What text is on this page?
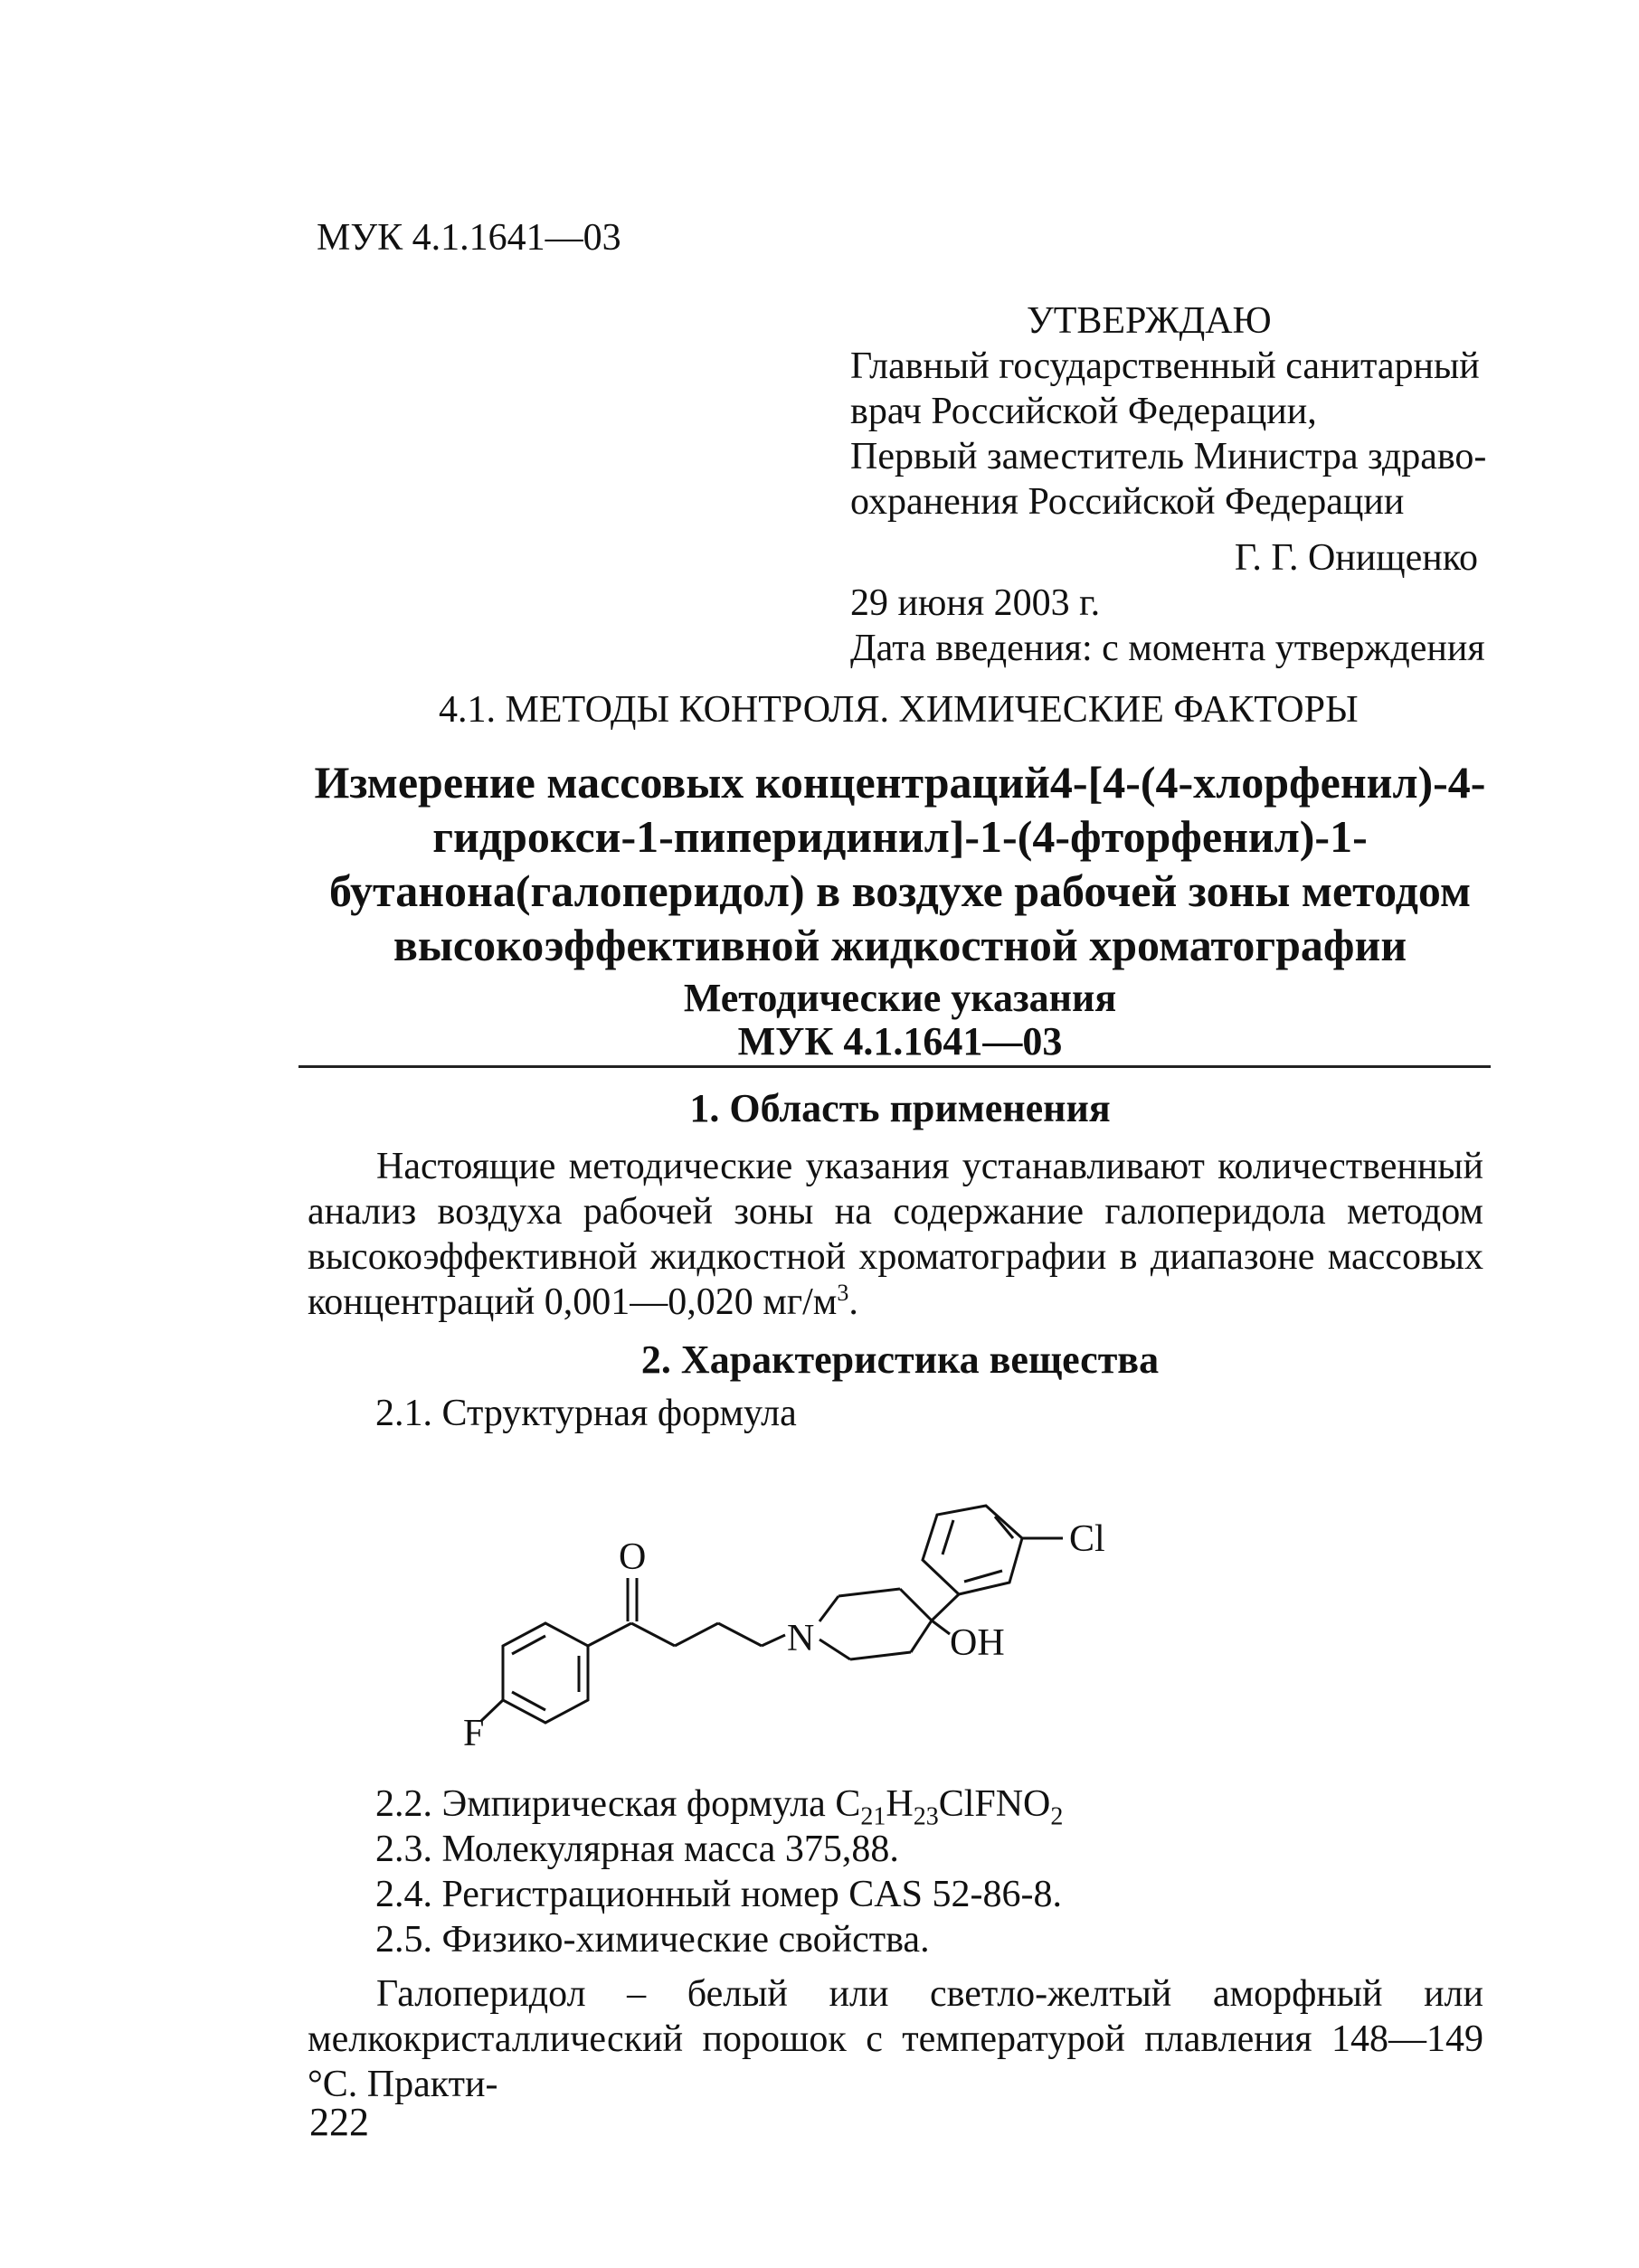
МУК 4.1.1641—03
УТВЕРЖДАЮ
Главный государственный санитарный
врач Российской Федерации,
Первый заместитель Министра здраво-
охранения Российской Федерации
Г. Г. Онищенко
29 июня 2003 г.
Дата введения: с момента утверждения
4.1. МЕТОДЫ КОНТРОЛЯ. ХИМИЧЕСКИЕ ФАКТОРЫ
Измерение массовых концентраций4-[4-(4-хлорфенил)-4-
гидрокси-1-пиперидинил]-1-(4-фторфенил)-1-
бутанона(галоперидол) в воздухе рабочей зоны методом
высокоэффективной жидкостной хроматографии
Методические указания
МУК 4.1.1641—03
1. Область применения
Настоящие методические указания устанавливают количественный анализ воздуха рабочей зоны на содержание галоперидола методом высокоэффективной жидкостной хроматографии в диапазоне массовых концентраций 0,001—0,020 $мг/м^3$.
2. Характеристика вещества
2.1. Структурная формула
Cl
OH
N
O
F
2.2. Эмпирическая формула $C_{21}H_{23}ClFNO_2$
2.3. Молекулярная масса 375,88.
2.4. Регистрационный номер CAS 52-86-8.
2.5. Физико-химические свойства.
Галоперидол – белый или светло-желтый аморфный или мелкокристаллический порошок с температурой плавления 148—149 °С. Практи-
222
